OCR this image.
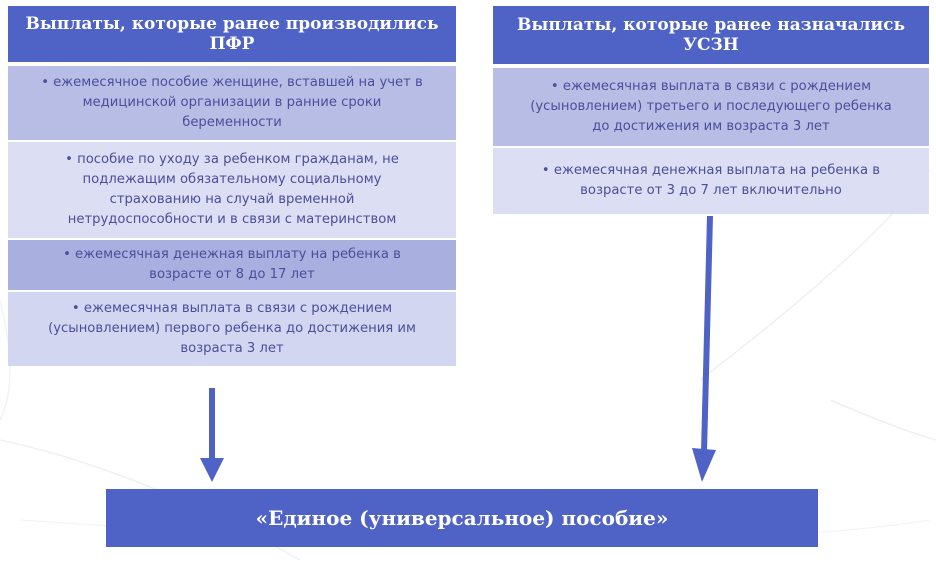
Выплаты, которые ранее производились
ПФР
• ежемесячное пособие женщине, вставшей на учет в
медицинской организации в ранние сроки
беременности
• пособие по уходу за ребенком гражданам, не
подлежащим обязательному социальному
страхованию на случай временной
нетрудоспособности и в связи с материнством
• ежемесячная денежная выплату на ребенка в
возрасте от 8 до 17 лет
• ежемесячная выплата в связи с рождением
(усыновлением) первого ребенка до достижения им
возраста 3 лет
Выплаты, которые ранее назначались
УСЗН
• ежемесячная выплата в связи с рождением
(усыновлением) третьего и последующего ребенка
до достижения им возраста 3 лет
• ежемесячная денежная выплата на ребенка в
возрасте от 3 до 7 лет включительно
«Единое (универсальное) пособие»
